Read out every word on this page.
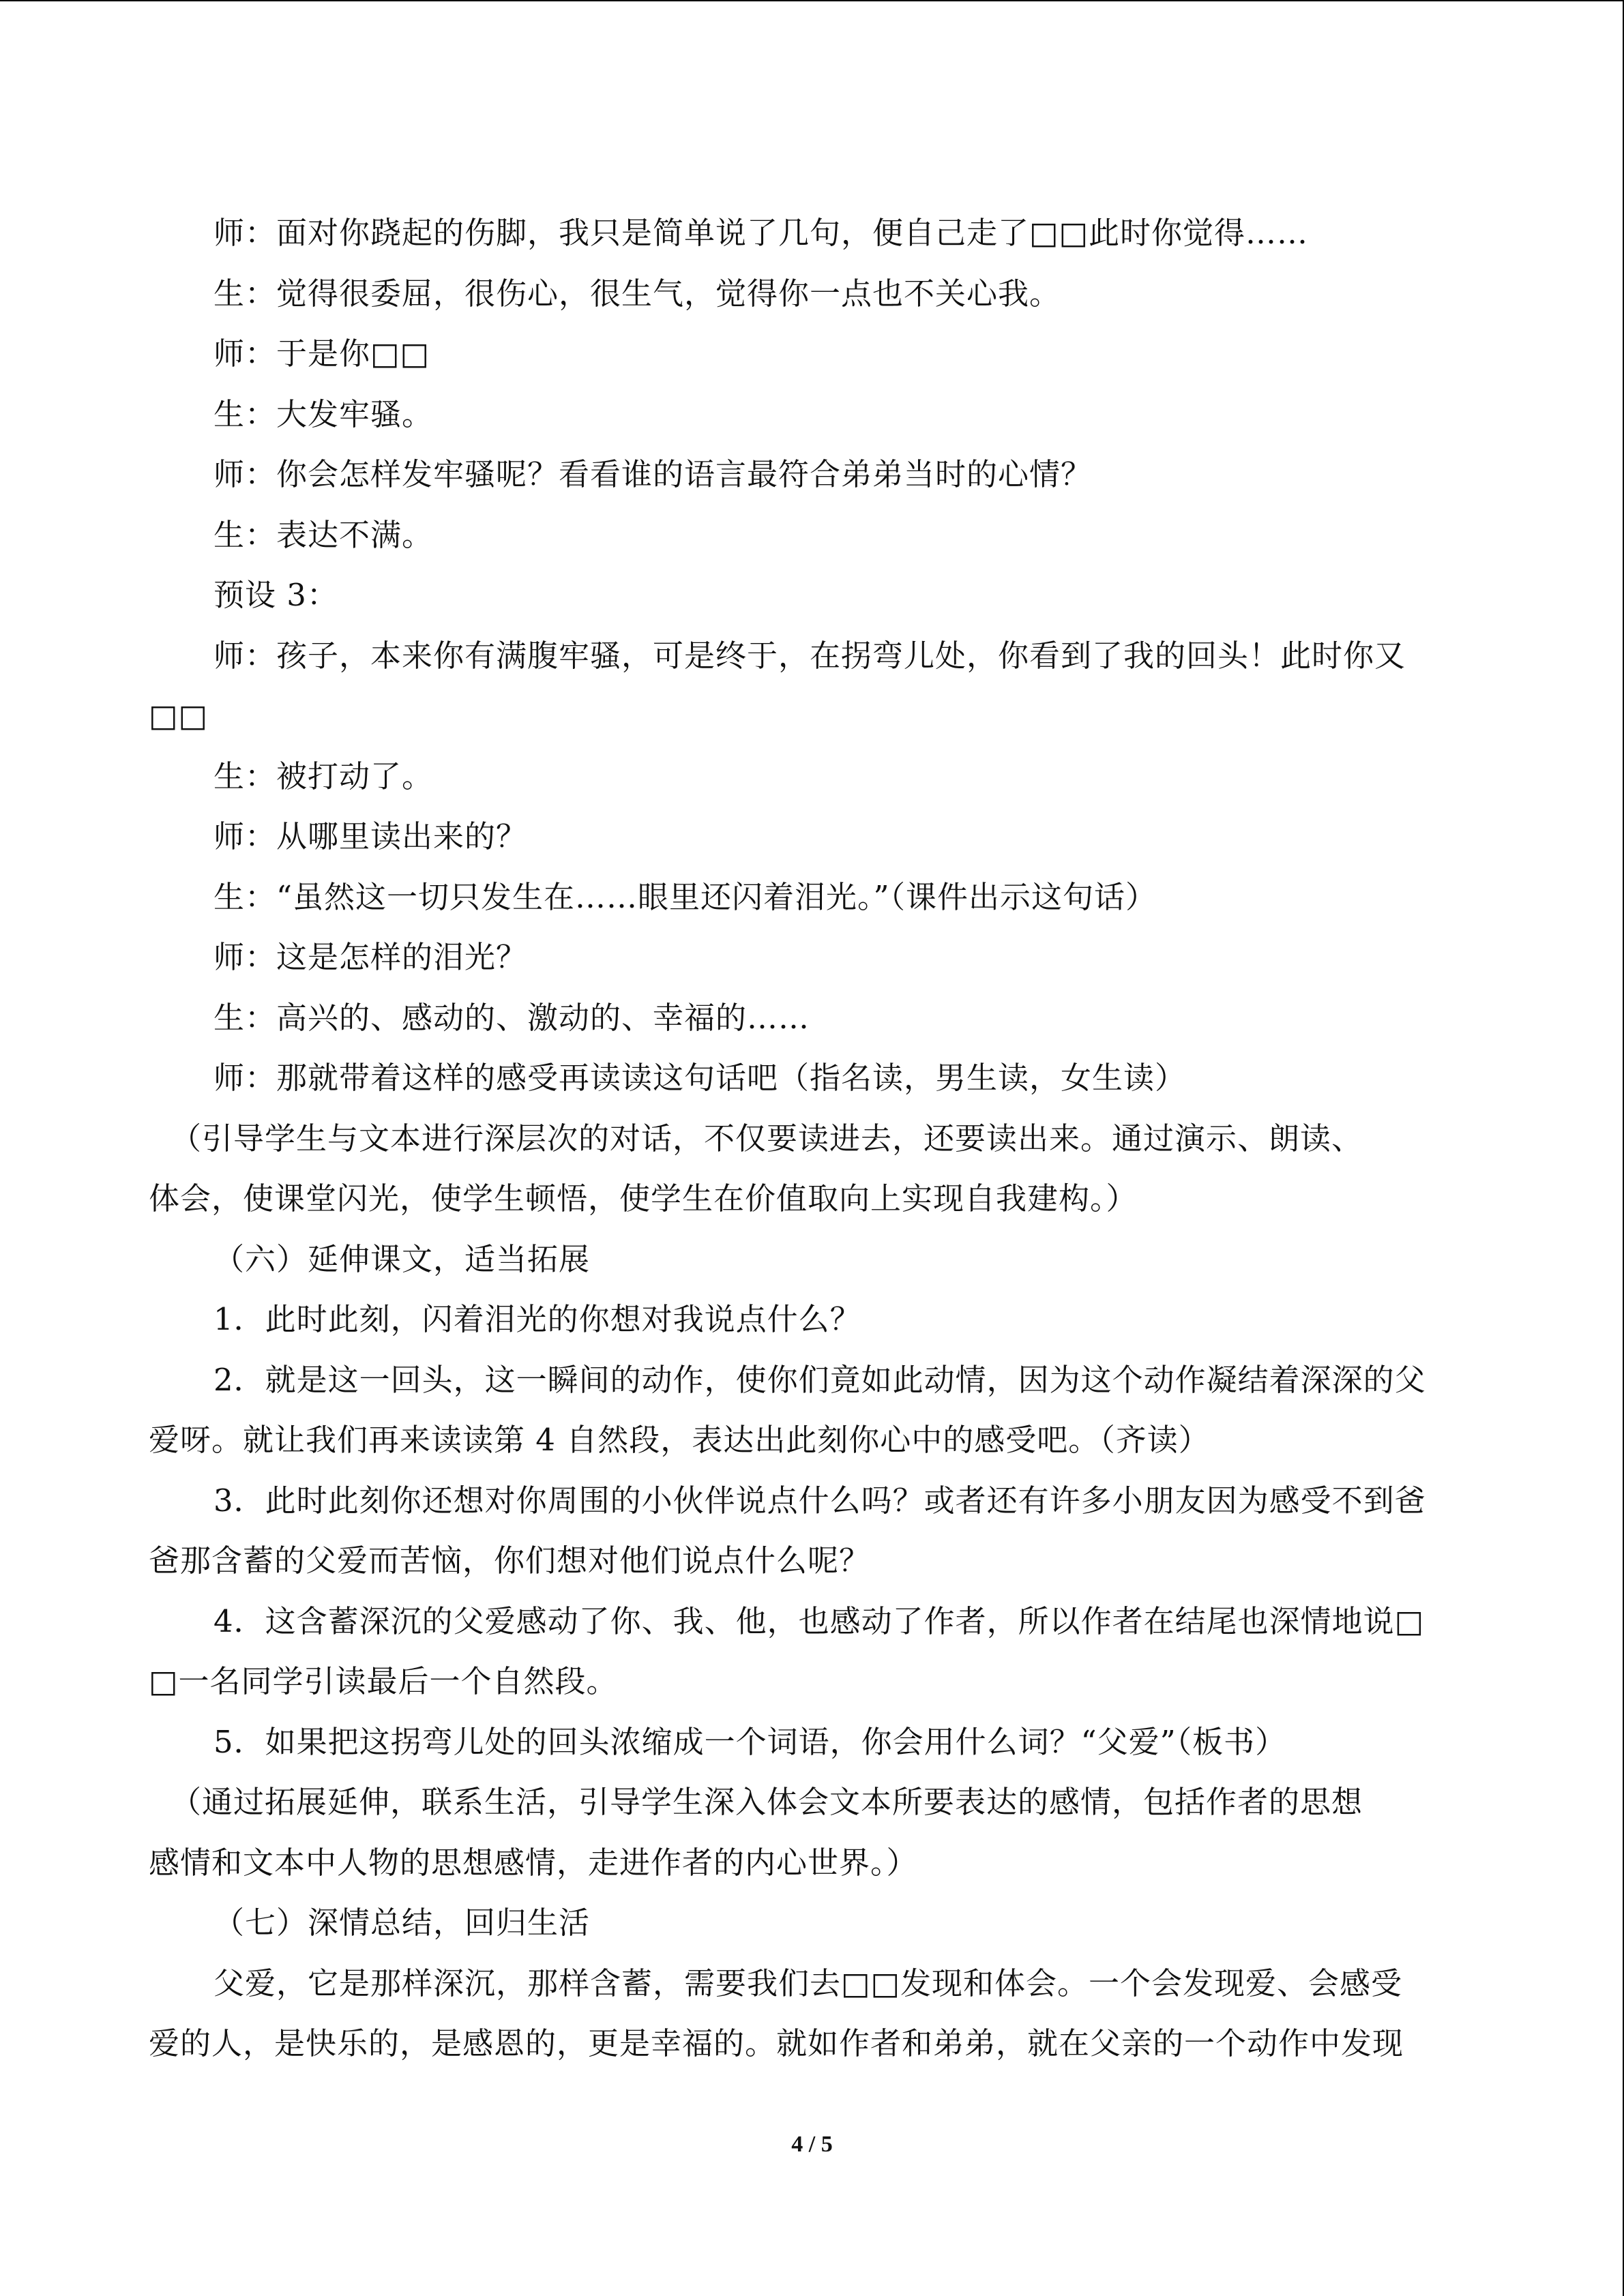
师：面对你跷起的伤脚，我只是简单说了几句，便自己走了□□此时你觉得……
生：觉得很委屈，很伤心，很生气，觉得你一点也不关心我。
师：于是你□□
生：大发牢骚。
师：你会怎样发牢骚呢？看看谁的语言最符合弟弟当时的心情？
生：表达不满。
预设 3：
师：孩子，本来你有满腹牢骚，可是终于，在拐弯儿处，你看到了我的回头！此时你又
□□
生：被打动了。
师：从哪里读出来的？
生：“虽然这一切只发生在……眼里还闪着泪光。”（课件出示这句话）
师：这是怎样的泪光？
生：高兴的、感动的、激动的、幸福的……
师：那就带着这样的感受再读读这句话吧（指名读，男生读，女生读）
（引导学生与文本进行深层次的对话，不仅要读进去，还要读出来。通过演示、朗读、
体会，使课堂闪光，使学生顿悟，使学生在价值取向上实现自我建构。）
（六）延伸课文，适当拓展
1．此时此刻，闪着泪光的你想对我说点什么？
2．就是这一回头，这一瞬间的动作，使你们竟如此动情，因为这个动作凝结着深深的父
爱呀。就让我们再来读读第 4 自然段，表达出此刻你心中的感受吧。（齐读）
3．此时此刻你还想对你周围的小伙伴说点什么吗？或者还有许多小朋友因为感受不到爸
爸那含蓄的父爱而苦恼，你们想对他们说点什么呢？
4．这含蓄深沉的父爱感动了你、我、他，也感动了作者，所以作者在结尾也深情地说□
□一名同学引读最后一个自然段。
5．如果把这拐弯儿处的回头浓缩成一个词语，你会用什么词？“父爱”（板书）
（通过拓展延伸，联系生活，引导学生深入体会文本所要表达的感情，包括作者的思想
感情和文本中人物的思想感情，走进作者的内心世界。）
（七）深情总结，回归生活
父爱，它是那样深沉，那样含蓄，需要我们去□□发现和体会。一个会发现爱、会感受
爱的人，是快乐的，是感恩的，更是幸福的。就如作者和弟弟，就在父亲的一个动作中发现
4 / 5
